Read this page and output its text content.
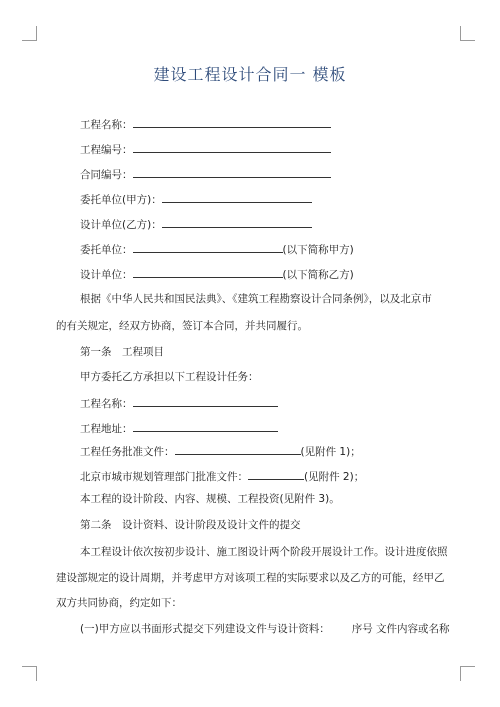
建设工程设计合同一 模板
工程名称：
工程编号：
合同编号：
委托单位(甲方)：
设计单位(乙方)：
委托单位：	(以下简称甲方)
设计单位：	(以下简称乙方)
根据《中华人民共和国民法典》、《建筑工程勘察设计合同条例》，以及北京市
的有关规定，经双方协商，签订本合同，并共同履行。
第一条　工程项目
甲方委托乙方承担以下工程设计任务：
工程名称：
工程地址：
工程任务批准文件：	(见附件 1)；
北京市城市规划管理部门批准文件：	(见附件 2)；
本工程的设计阶段、内容、规模、工程投资(见附件 3)。
第二条　设计资料、设计阶段及设计文件的提交
本工程设计依次按初步设计、施工图设计两个阶段开展设计工作。设计进度依照
建设部规定的设计周期，并考虑甲方对该项工程的实际要求以及乙方的可能，经甲乙
双方共同协商，约定如下：
(一)甲方应以书面形式提交下列建设文件与设计资料： 序号 文件内容或名称
